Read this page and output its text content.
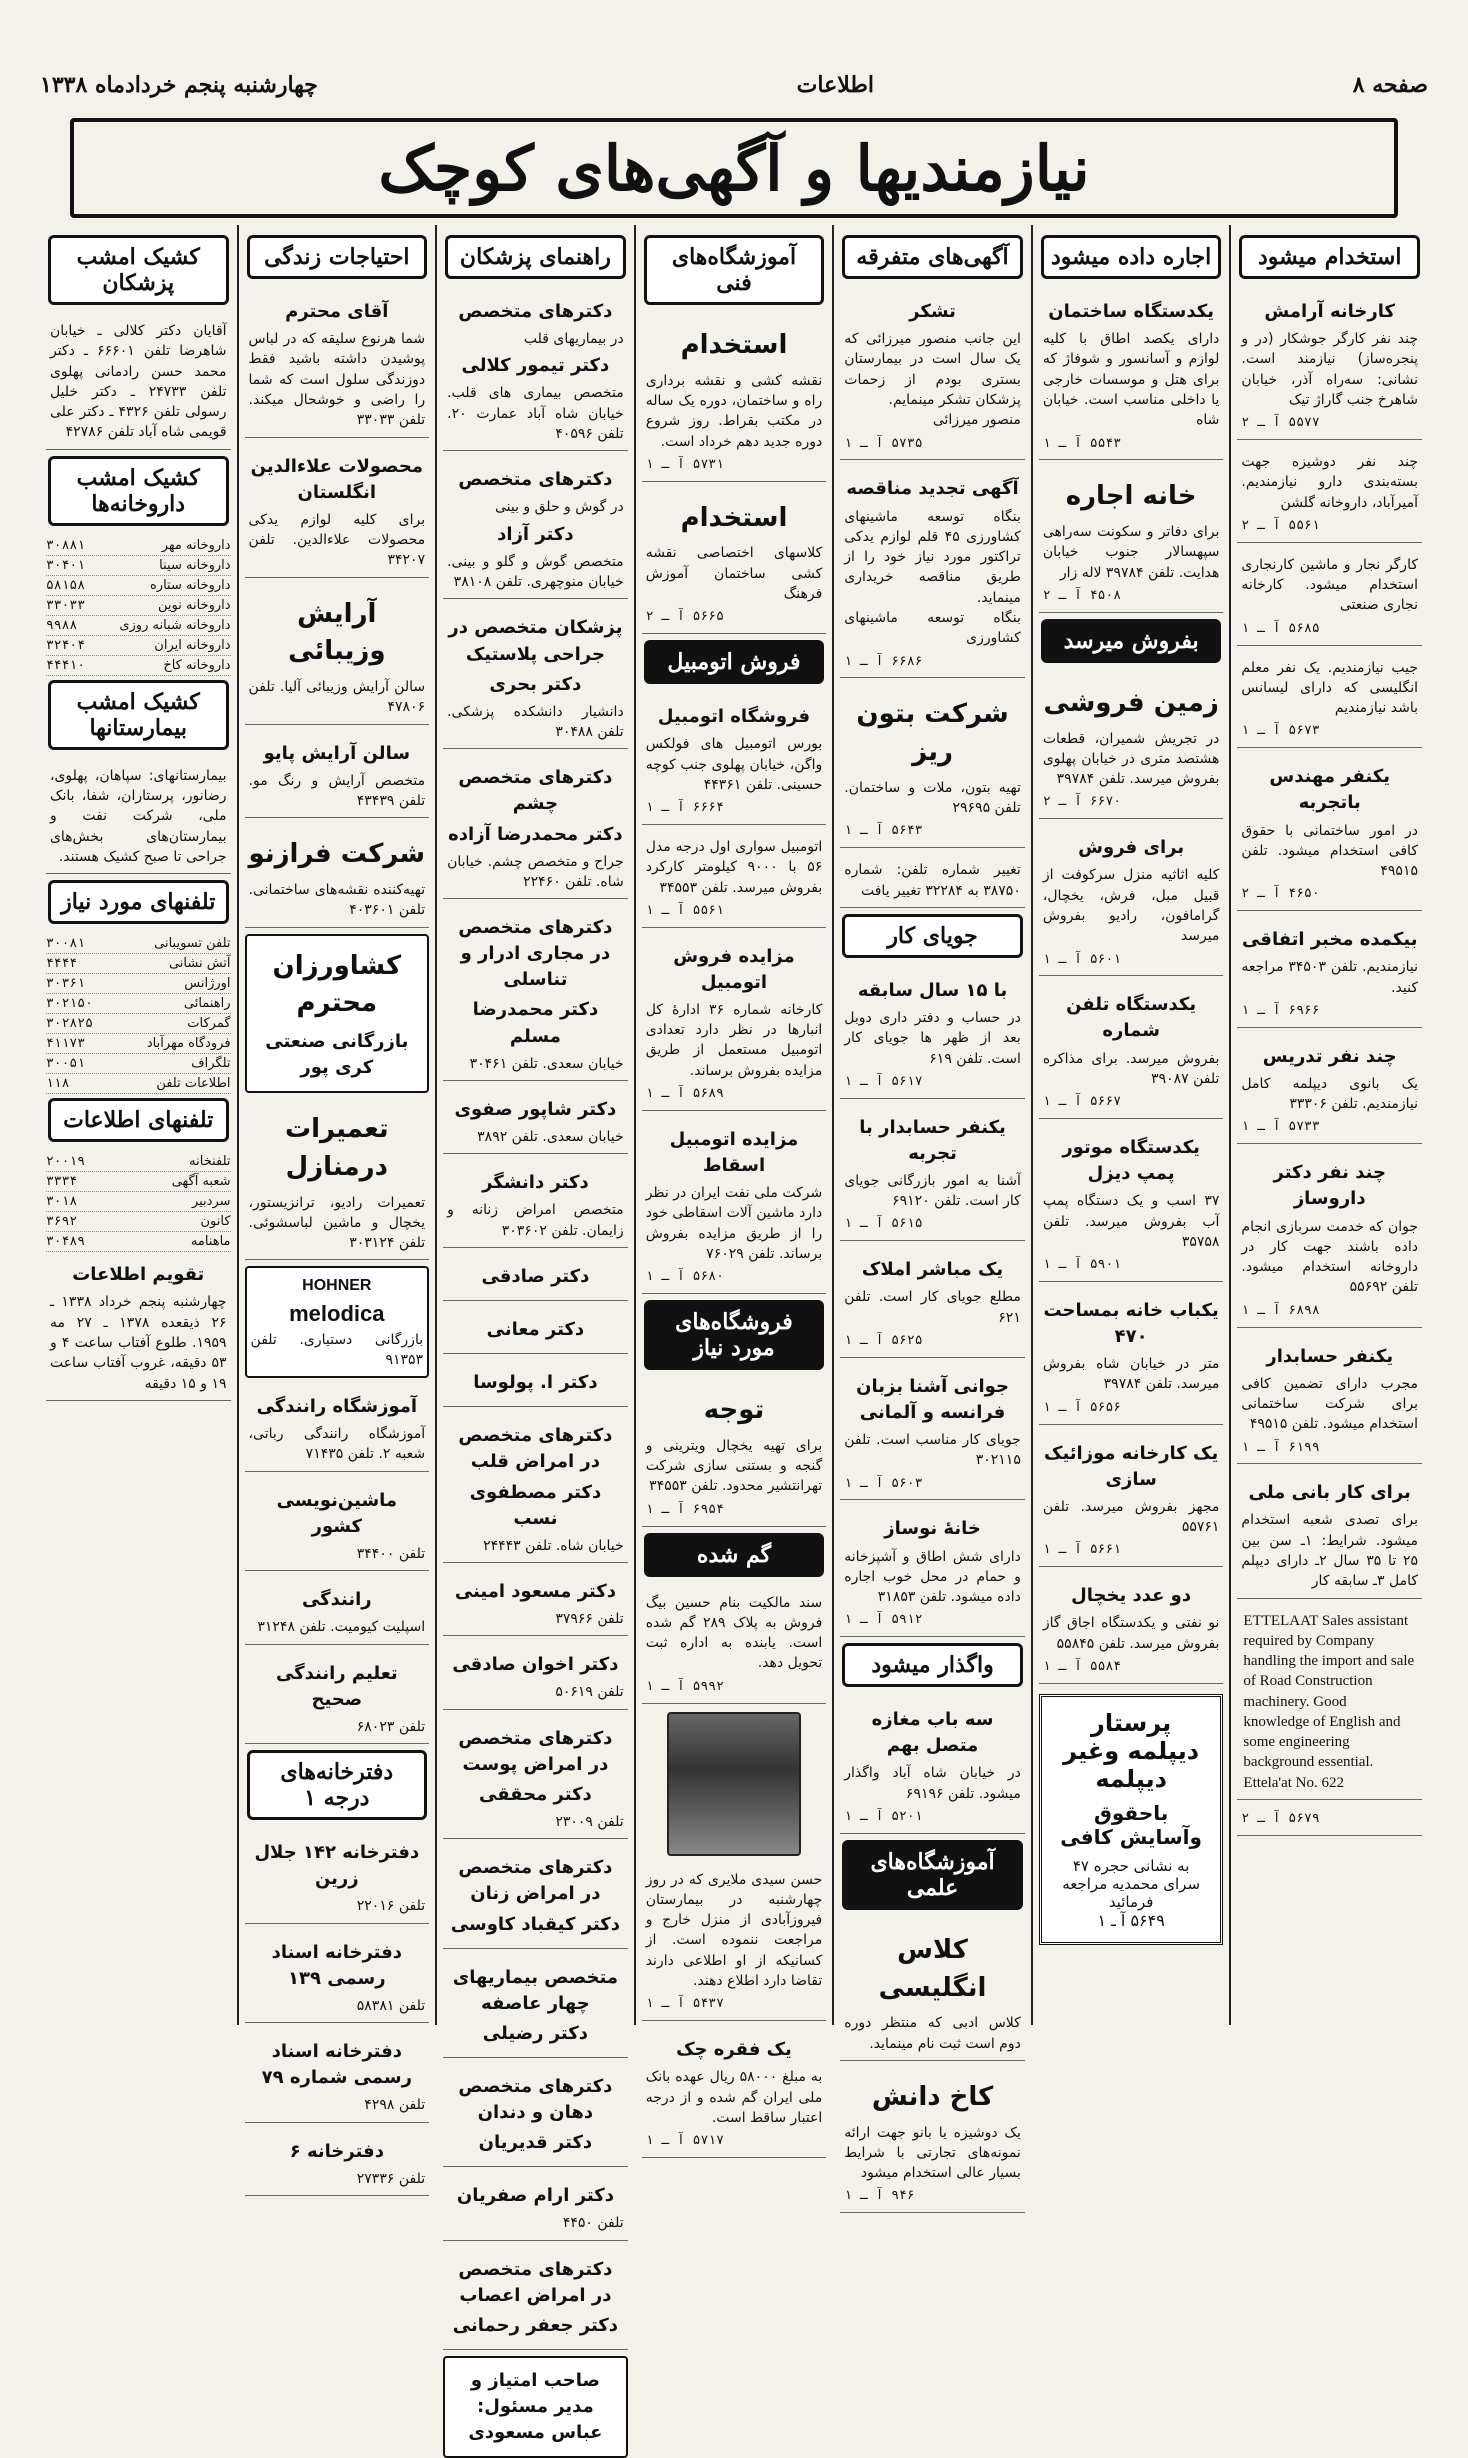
صفحه ۸
اطلاعات
چهارشنبه پنجم خردادماه ۱۳۳۸
نیازمندیها و آگهی‌های کوچک
استخدام میشود
کارخانه آرامش
چند نفر کارگر جوشکار (در و پنجره‌ساز) نیازمند است. نشانی: سه‌راه آذر، خیابان شاهرخ جنب گاراژ تیک
۵۵۷۷ آ ـ ۲
چند نفر دوشیزه جهت بسته‌بندی دارو نیازمندیم. آمیرآباد، داروخانه گلشن
۵۵۶۱ آ ـ ۲
کارگر نجار و ماشین کارنجاری استخدام میشود. کارخانه نجاری صنعتی
۵۶۸۵ آ ـ ۱
جیب نیازمندیم. یک نفر معلم انگلیسی که دارای لیسانس باشد نیازمندیم
۵۶۷۳ آ ـ ۱
یکنفر مهندس باتجربه
در امور ساختمانی با حقوق کافی استخدام میشود. تلفن ۴۹۵۱۵
۴۶۵۰ آ ـ ۲
بیکمده مخبر اتفاقی
نیازمندیم. تلفن ۳۴۵۰۳ مراجعه کنید.
۶۹۶۶ آ ـ ۱
چند نفر تدریس
یک بانوی دیپلمه کامل نیازمندیم. تلفن ۳۳۳۰۶
۵۷۳۳ آ ـ ۱
چند نفر دکتر داروساز
جوان که خدمت سربازی انجام داده باشند جهت کار در داروخانه استخدام میشود. تلفن ۵۵۶۹۲
۶۸۹۸ آ ـ ۱
یکنفر حسابدار
مجرب دارای تضمین کافی برای شرکت ساختمانی استخدام میشود. تلفن ۴۹۵۱۵
۶۱۹۹ آ ـ ۱
برای کار بانی ملی
برای تصدی شعبه استخدام میشود. شرایط: ۱ـ سن بین ۲۵ تا ۳۵ سال ۲ـ دارای دیپلم کامل ۳ـ سابقه کار
ETTELAAT Sales assistant required by Company handling the import and sale of Road Construction machinery. Good knowledge of English and some engineering background essential. Ettela'at No. 622
۵۶۷۹ آ ـ ۲
اجاره داده میشود
یکدستگاه ساختمان
دارای یکصد اطاق با کلیه لوازم و آسانسور و شوفاژ که برای هتل و موسسات خارجی یا داخلی مناسب است. خیابان شاه
۵۵۴۳ آ ـ ۱
خانه اجاره
برای دفاتر و سکونت سه‌راهی سپهسالار جنوب خیابان هدایت. تلفن ۳۹۷۸۴ لاله زار
۴۵۰۸ آ ـ ۲
بفروش میرسد
زمین فروشی
در تجریش شمیران، قطعات هشتصد متری در خیابان پهلوی بفروش میرسد. تلفن ۳۹۷۸۴
۶۶۷۰ آ ـ ۲
برای فروش
کلیه اثاثیه منزل سرکوفت از قبیل مبل، فرش، یخچال، گرامافون، رادیو بفروش میرسد
۵۶۰۱ آ ـ ۱
یکدستگاه تلفن شماره
بفروش میرسد. برای مذاکره تلفن ۳۹۰۸۷
۵۶۶۷ آ ـ ۱
یکدستگاه موتور پمپ دیزل
۳۷ اسب و یک دستگاه پمپ آب بفروش میرسد. تلفن ۳۵۷۵۸
۵۹۰۱ آ ـ ۱
یکباب خانه بمساحت ۴۷۰
متر در خیابان شاه بفروش میرسد. تلفن ۳۹۷۸۴
۵۶۵۶ آ ـ ۱
یک کارخانه موزائیک سازی
مجهز بفروش میرسد. تلفن ۵۵۷۶۱
۵۶۶۱ آ ـ ۱
دو عدد یخچال
نو نفتی و یکدستگاه اجاق گاز بفروش میرسد. تلفن ۵۵۸۴۵
۵۵۸۴ آ ـ ۱
پرستار دیپلمه وغیر دیپلمه
باحقوق وآسایش کافی
به نشانی حجره ۴۷ سرای محمدیه مراجعه فرمائید
۵۶۴۹ آ ـ ۱
آگهی‌های متفرقه
تشکر
این جانب منصور میرزائی که یک سال است در بیمارستان بستری بودم از زحمات پزشکان تشکر مینمایم.
منصور میرزائی
۵۷۳۵ آ ـ ۱
آگهی تجدید مناقصه
بنگاه توسعه ماشینهای کشاورزی ۴۵ قلم لوازم یدکی تراکتور مورد نیاز خود را از طریق مناقصه خریداری مینماید.
بنگاه توسعه ماشینهای کشاورزی
۶۶۸۶ آ ـ ۱
شرکت بتون ریز
تهیه بتون، ملات و ساختمان. تلفن ۲۹۶۹۵
۵۶۴۳ آ ـ ۱
تغییر شماره تلفن: شماره ۳۸۷۵۰ به ۳۲۲۸۴ تغییر یافت
جویای کار
با ۱۵ سال سابقه
در حساب و دفتر داری دوبل بعد از ظهر ها جویای کار است. تلفن ۶۱۹
۵۶۱۷ آ ـ ۱
یکنفر حسابدار با تجربه
آشنا به امور بازرگانی جویای کار است. تلفن ۶۹۱۲۰
۵۶۱۵ آ ـ ۱
یک مباشر املاک
مطلع جویای کار است. تلفن ۶۲۱
۵۶۲۵ آ ـ ۱
جوانی آشنا بزبان فرانسه و آلمانی
جویای کار مناسب است. تلفن ۳۰۲۱۱۵
۵۶۰۳ آ ـ ۱
خانهٔ نوساز
دارای شش اطاق و آشپزخانه و حمام در محل خوب اجاره داده میشود. تلفن ۳۱۸۵۳
۵۹۱۲ آ ـ ۱
واگذار میشود
سه باب مغازه متصل بهم
در خیابان شاه آباد واگذار میشود. تلفن ۶۹۱۹۶
۵۲۰۱ آ ـ ۱
آموزشگاه‌های علمی
کلاس انگلیسی
کلاس ادبی که منتظر دوره دوم است ثبت نام مینماید.
کاخ دانش
یک دوشیزه یا بانو جهت ارائه نمونه‌های تجارتی با شرایط بسیار عالی استخدام میشود
۹۴۶ آ ـ ۱
آموزشگاه‌های فنی
استخدام
نقشه کشی و نقشه برداری راه و ساختمان، دوره یک ساله در مکتب بقراط. روز شروع دوره جدید دهم خرداد است.
۵۷۳۱ آ ـ ۱
استخدام
کلاسهای اختصاصی نقشه کشی ساختمان آموزش فرهنگ
۵۶۶۵ آ ـ ۲
فروش اتومبیل
فروشگاه اتومبیل
بورس اتومبیل های فولکس واگن، خیابان پهلوی جنب کوچه حسینی. تلفن ۴۴۳۶۱
۶۶۶۴ آ ـ ۱
اتومبیل سواری اول درجه مدل ۵۶ با ۹۰۰۰ کیلومتر کارکرد بفروش میرسد. تلفن ۳۴۵۵۳
۵۵۶۱ آ ـ ۱
مزایده فروش اتومبیل
کارخانه شماره ۳۶ ادارهٔ کل انبارها در نظر دارد تعدادی اتومبیل مستعمل از طریق مزایده بفروش برساند.
۵۶۸۹ آ ـ ۱
مزایده اتومبیل اسقاط
شرکت ملی نفت ایران در نظر دارد ماشین آلات اسقاطی خود را از طریق مزایده بفروش برساند. تلفن ۷۶۰۲۹
۵۶۸۰ آ ـ ۱
فروشگاه‌های مورد نیاز
توجه
برای تهیه یخچال ویترینی و گنجه و بستنی سازی شرکت تهرانتشیر محدود. تلفن ۳۴۵۵۳
۶۹۵۴ آ ـ ۱
گم شده
سند مالکیت بنام حسین بیگ فروش به پلاک ۲۸۹ گم شده است. یابنده به اداره ثبت تحویل دهد.
۵۹۹۲ آ ـ ۱
حسن سیدی ملایری که در روز چهارشنبه در بیمارستان فیروزآبادی از منزل خارج و مراجعت ننموده است. از کسانیکه از او اطلاعی دارند تقاضا دارد اطلاع دهند.
۵۴۳۷ آ ـ ۱
یک فقره چک
به مبلغ ۵۸۰۰۰ ریال عهده بانک ملی ایران گم شده و از درجه اعتبار ساقط است.
۵۷۱۷ آ ـ ۱
راهنمای پزشکان
دکترهای متخصص
در بیماریهای قلب
دکتر تیمور کلالی
متخصص بیماری های قلب. خیابان شاه آباد عمارت ۲۰. تلفن ۴۰۵۹۶
دکترهای متخصص
در گوش و حلق و بینی
دکتر آزاد
متخصص گوش و گلو و بینی. خیابان منوچهری. تلفن ۳۸۱۰۸
پزشکان متخصص در جراحی پلاستیک
دکتر بحری
دانشیار دانشکده پزشکی. تلفن ۳۰۴۸۸
دکترهای متخصص چشم
دکتر محمدرضا آزاده
جراح و متخصص چشم. خیابان شاه. تلفن ۲۲۴۶۰
دکترهای متخصص در مجاری ادرار و تناسلی
دکتر محمدرضا مسلم
خیابان سعدی. تلفن ۳۰۴۶۱
دکتر شاپور صفوی
خیابان سعدی. تلفن ۳۸۹۲
دکتر دانشگر
متخصص امراض زنانه و زایمان. تلفن ۳۰۳۶۰۲
دکتر صادقی
دکتر معانی
دکتر ا. پولوسا
دکترهای متخصص در امراض قلب
دکتر مصطفوی نسب
خیابان شاه. تلفن ۲۴۴۴۳
دکتر مسعود امینی
تلفن ۳۷۹۶۶
دکتر اخوان صادقی
تلفن ۵۰۶۱۹
دکترهای متخصص در امراض پوست
دکتر محققی
تلفن ۲۳۰۰۹
دکترهای متخصص در امراض زنان
دکتر کیقباد کاوسی
متخصص بیماریهای چهار عاصفه
دکتر رضیلی
دکترهای متخصص دهان و دندان
دکتر قدیریان
دکتر ارام صفریان
تلفن ۴۴۵۰
دکترهای متخصص در امراض اعصاب
دکتر جعفر رحمانی
صاحب امتیاز و مدیر مسئول: عباس مسعودی
احتیاجات زندگی
آقای محترم
شما هرنوع سلیقه که در لباس پوشیدن داشته باشید فقط دوزندگی سلول است که شما را راضی و خوشحال میکند. تلفن ۳۳۰۳۳
محصولات علاءالدین انگلستان
برای کلیه لوازم یدکی محصولات علاءالدین. تلفن ۳۴۲۰۷
آرایش وزیبائی
سالن آرایش وزیبائی آلیا. تلفن ۴۷۸۰۶
سالن آرایش پایو
متخصص آرایش و رنگ مو. تلفن ۴۳۴۳۹
شرکت فرازنو
تهیه‌کننده نقشه‌های ساختمانی. تلفن ۴۰۳۶۰۱
کشاورزان محترم
بازرگانی صنعتی کری پور
تعمیرات درمنازل
تعمیرات رادیو، ترانزیستور، یخچال و ماشین لباسشوئی. تلفن ۳۰۳۱۲۴
HOHNER
melodica
بازرگانی دستیاری. تلفن ۹۱۳۵۳
آموزشگاه رانندگی
آموزشگاه رانندگی رباتی، شعبه ۲. تلفن ۷۱۴۳۵
ماشین‌نویسی کشور
تلفن ۳۴۴۰۰
رانندگی
اسپلیت کیومیت. تلفن ۳۱۲۴۸
تعلیم رانندگی صحیح
تلفن ۶۸۰۲۳
دفترخانه‌های درجه ۱
دفترخانه ۱۴۲ جلال زرین
تلفن ۲۲۰۱۶
دفترخانه اسناد رسمی ۱۳۹
تلفن ۵۸۳۸۱
دفترخانه اسناد رسمی شماره ۷۹
تلفن ۴۲۹۸
دفترخانه ۶
تلفن ۲۷۳۳۶
کشیک امشب پزشکان
آقایان دکتر کلالی ـ خیابان شاهرضا تلفن ۶۶۶۰۱ ـ دکتر محمد حسن رادمانی پهلوی تلفن ۲۴۷۳۳ ـ دکتر خلیل رسولی تلفن ۴۳۲۶ ـ دکتر علی قویمی شاه آباد تلفن ۴۲۷۸۶
کشیک امشب داروخانه‌ها
داروخانه مهر
۳۰۸۸۱
داروخانه سینا
۳۰۴۰۱
داروخانه ستاره
۵۸۱۵۸
داروخانه نوین
۳۳۰۳۳
داروخانه شبانه روزی
۹۹۸۸
داروخانه ایران
۳۲۴۰۴
داروخانه کاخ
۴۴۴۱۰
کشیک امشب بیمارستانها
بیمارستانهای: سپاهان، پهلوی، رضانور، پرستاران، شفا، بانک ملی، شرکت نفت و بیمارستان‌های بخش‌های جراحی تا صبح کشیک هستند.
تلفنهای مورد نیاز
تلفن تسویبانی
۳۰۰۸۱
آتش نشانی
۴۴۴۴
اورژانس
۳۰۳۶۱
راهنمائی
۳۰۲۱۵۰
گمرکات
۳۰۲۸۲۵
فرودگاه مهرآباد
۴۱۱۷۳
تلگراف
۳۰۰۵۱
اطلاعات تلفن
۱۱۸
تلفنهای اطلاعات
تلفنخانه
۲۰۰۱۹
شعبه آگهی
۳۳۳۴
سردبیر
۳۰۱۸
کانون
۳۶۹۲
ماهنامه
۳۰۴۸۹
تقویم اطلاعات
چهارشنبه پنجم خرداد ۱۳۳۸ ـ ۲۶ ذیقعده ۱۳۷۸ ـ ۲۷ مه ۱۹۵۹. طلوع آفتاب ساعت ۴ و ۵۳ دقیقه، غروب آفتاب ساعت ۱۹ و ۱۵ دقیقه
